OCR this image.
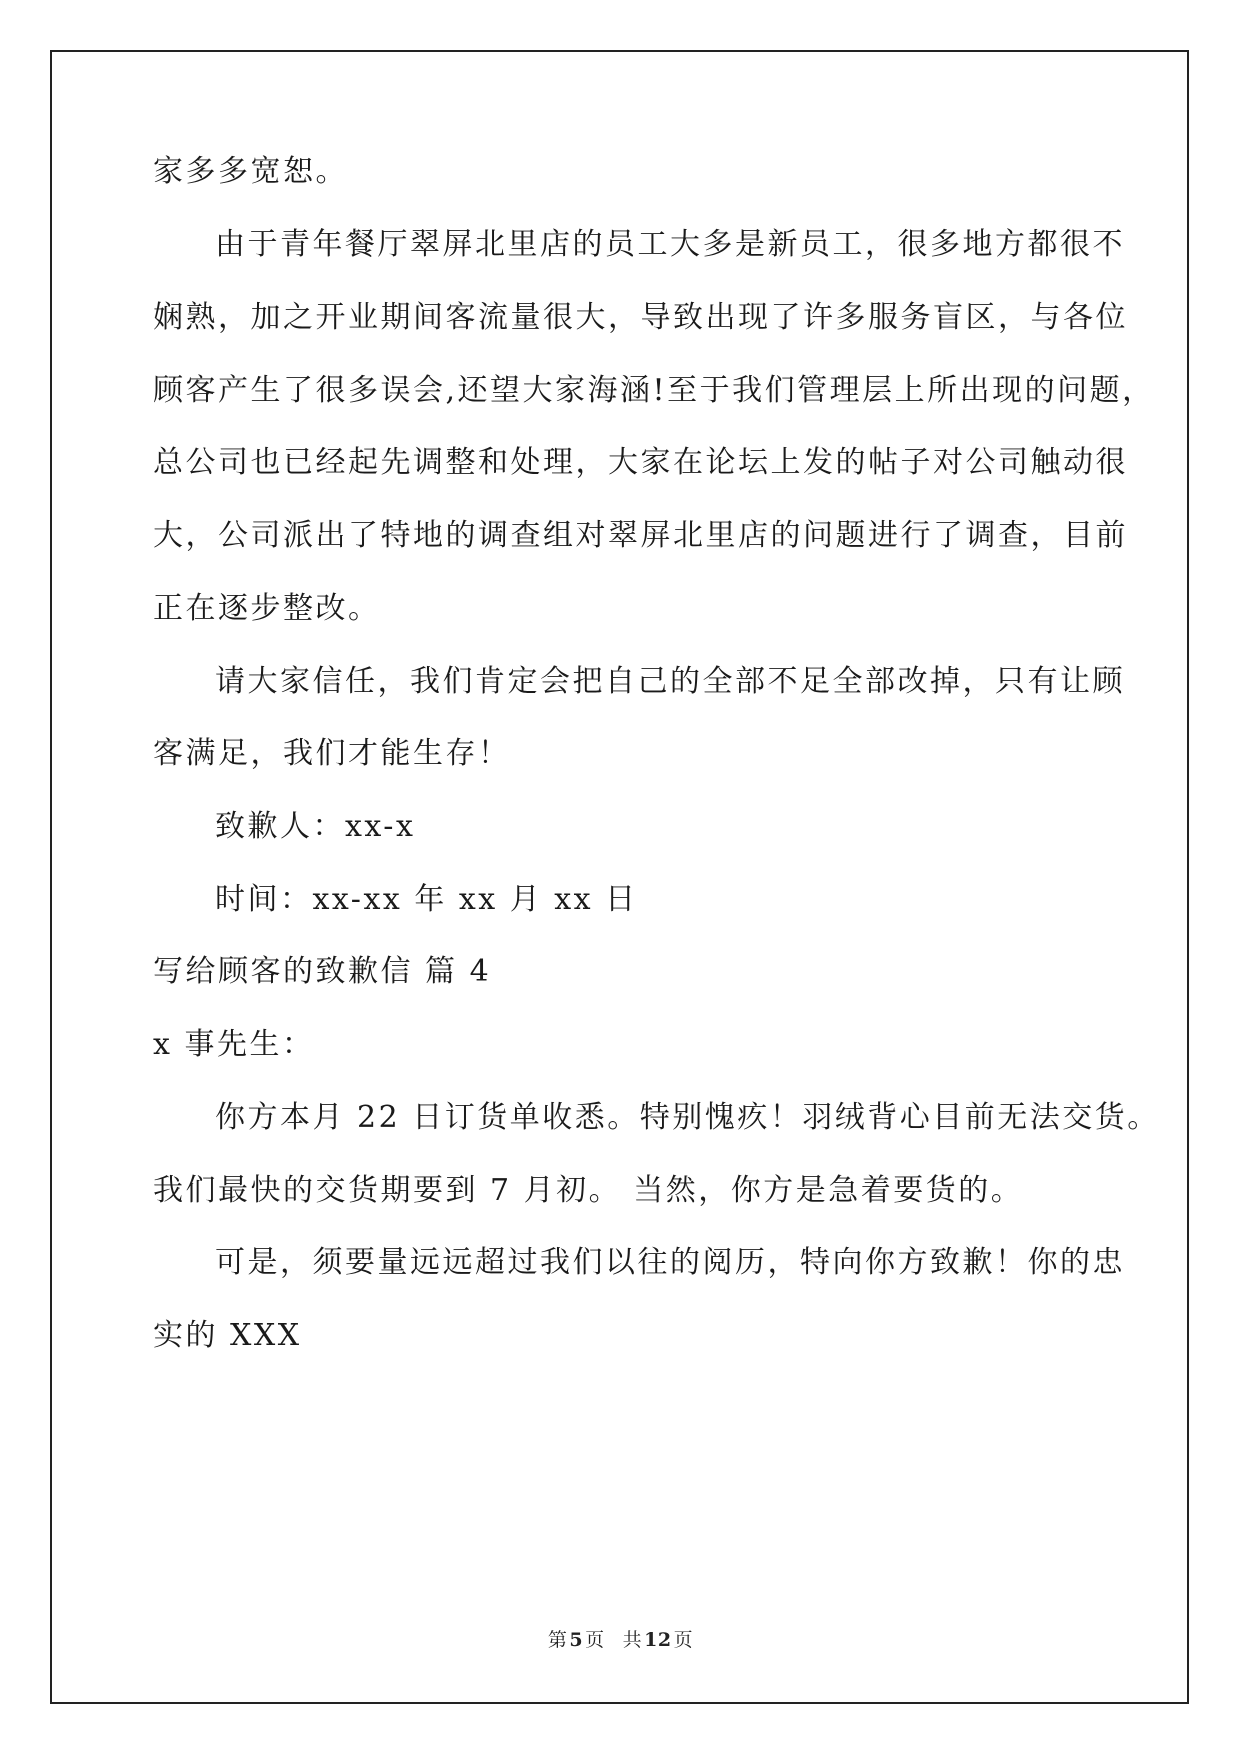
家多多宽恕。
由于青年餐厅翠屏北里店的员工大多是新员工，很多地方都很不
娴熟，加之开业期间客流量很大，导致出现了许多服务盲区，与各位
顾客产生了很多误会,还望大家海涵!至于我们管理层上所出现的问题，
总公司也已经起先调整和处理，大家在论坛上发的帖子对公司触动很
大，公司派出了特地的调查组对翠屏北里店的问题进行了调查，目前
正在逐步整改。
请大家信任，我们肯定会把自己的全部不足全部改掉，只有让顾
客满足，我们才能生存！
致歉人：xx-x
时间：xx-xx 年 xx 月 xx 日
写给顾客的致歉信 篇 4
x 事先生：
你方本月 22 日订货单收悉。特别愧疚！羽绒背心目前无法交货。
我们最快的交货期要到 7 月初。 当然，你方是急着要货的。
可是，须要量远远超过我们以往的阅历，特向你方致歉！你的忠
实的 XXX
第 5 页 共 12 页
